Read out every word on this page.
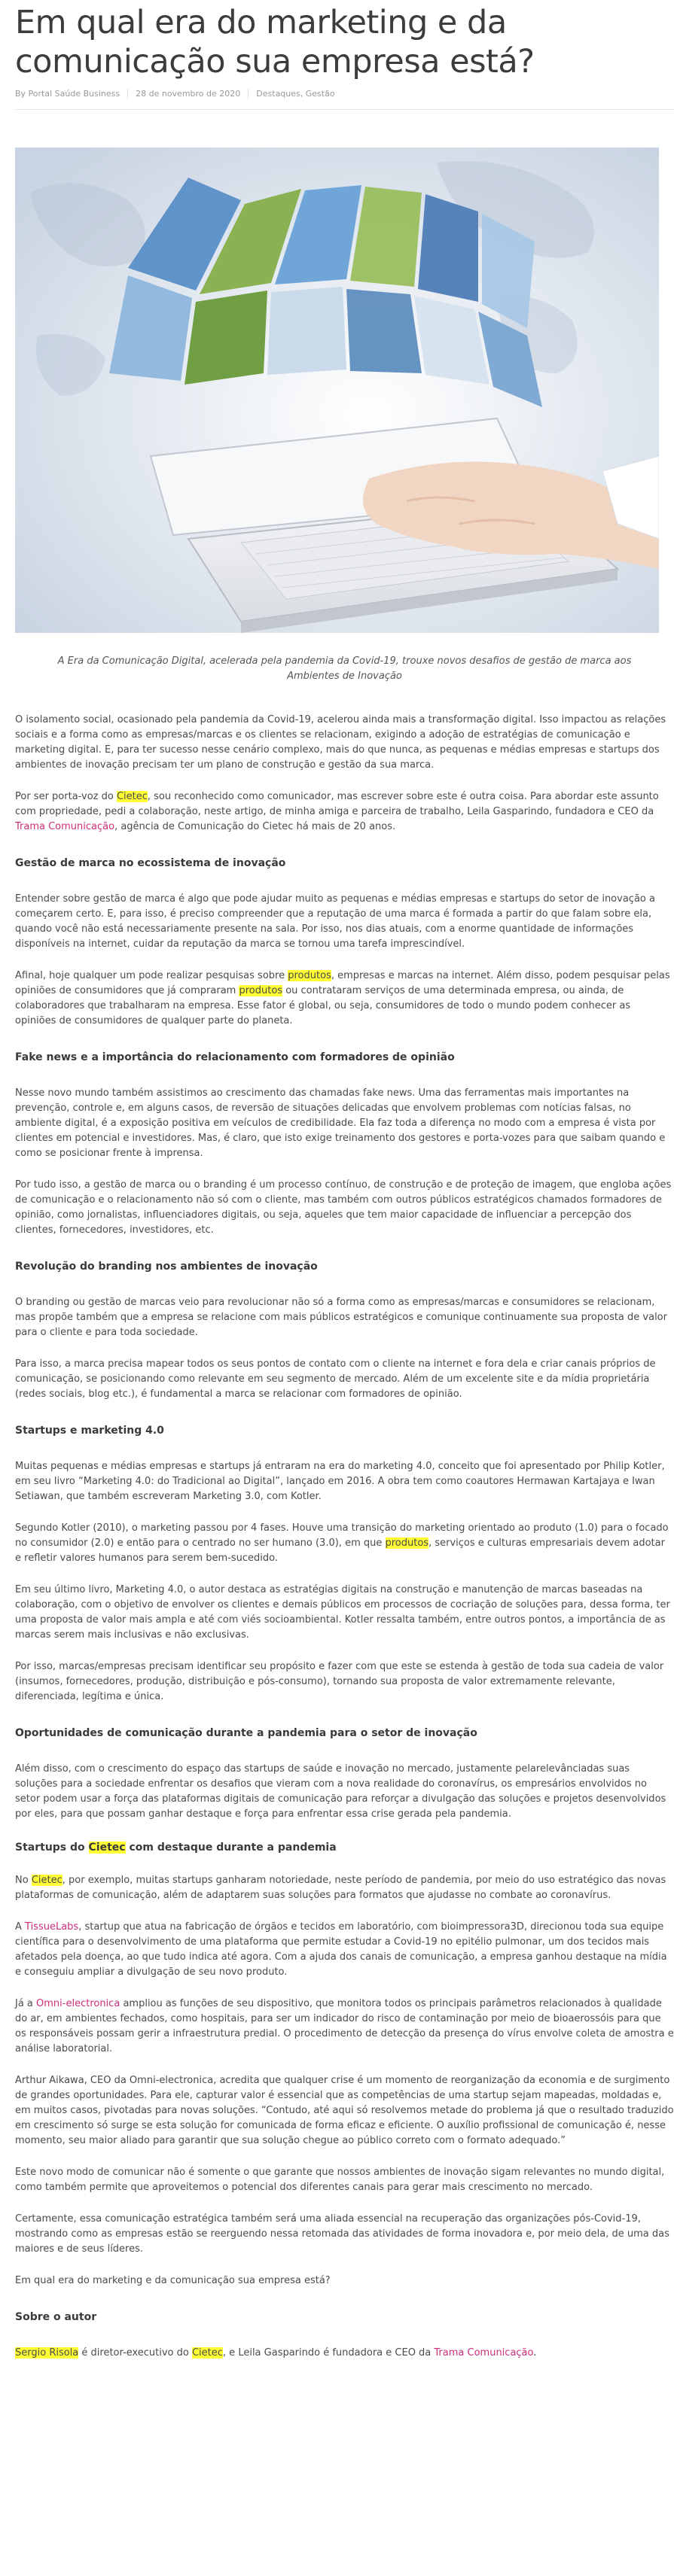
Em qual era do marketing e da comunicação sua empresa está?
By Portal Saúde Business	28 de novembro de 2020	Destaques, Gestão

A Era da Comunicação Digital, acelerada pela pandemia da Covid-19, trouxe novos desafios de gestão de marca aos Ambientes de Inovação

O isolamento social, ocasionado pela pandemia da Covid-19, acelerou ainda mais a transformação digital. Isso impactou as relações sociais e a forma como as empresas/marcas e os clientes se relacionam, exigindo a adoção de estratégias de comunicação e marketing digital. E, para ter sucesso nesse cenário complexo, mais do que nunca, as pequenas e médias empresas e startups dos ambientes de inovação precisam ter um plano de construção e gestão da sua marca.

Por ser porta-voz do Cietec, sou reconhecido como comunicador, mas escrever sobre este é outra coisa. Para abordar este assunto com propriedade, pedi a colaboração, neste artigo, de minha amiga e parceira de trabalho, Leila Gasparindo, fundadora e CEO da Trama Comunicação, agência de Comunicação do Cietec há mais de 20 anos.

Gestão de marca no ecossistema de inovação

Entender sobre gestão de marca é algo que pode ajudar muito as pequenas e médias empresas e startups do setor de inovação a começarem certo. E, para isso, é preciso compreender que a reputação de uma marca é formada a partir do que falam sobre ela, quando você não está necessariamente presente na sala. Por isso, nos dias atuais, com a enorme quantidade de informações disponíveis na internet, cuidar da reputação da marca se tornou uma tarefa imprescindível.

Afinal, hoje qualquer um pode realizar pesquisas sobre produtos, empresas e marcas na internet. Além disso, podem pesquisar pelas opiniões de consumidores que já compraram produtos ou contrataram serviços de uma determinada empresa, ou ainda, de colaboradores que trabalharam na empresa. Esse fator é global, ou seja, consumidores de todo o mundo podem conhecer as opiniões de consumidores de qualquer parte do planeta.

Fake news e a importância do relacionamento com formadores de opinião

Nesse novo mundo também assistimos ao crescimento das chamadas fake news. Uma das ferramentas mais importantes na prevenção, controle e, em alguns casos, de reversão de situações delicadas que envolvem problemas com notícias falsas, no ambiente digital, é a exposição positiva em veículos de credibilidade. Ela faz toda a diferença no modo com a empresa é vista por clientes em potencial e investidores. Mas, é claro, que isto exige treinamento dos gestores e porta-vozes para que saibam quando e como se posicionar frente à imprensa.

Por tudo isso, a gestão de marca ou o branding é um processo contínuo, de construção e de proteção de imagem, que engloba ações de comunicação e o relacionamento não só com o cliente, mas também com outros públicos estratégicos chamados formadores de opinião, como jornalistas, influenciadores digitais, ou seja, aqueles que tem maior capacidade de influenciar a percepção dos clientes, fornecedores, investidores, etc.

Revolução do branding nos ambientes de inovação

O branding ou gestão de marcas veio para revolucionar não só a forma como as empresas/marcas e consumidores se relacionam, mas propõe também que a empresa se relacione com mais públicos estratégicos e comunique continuamente sua proposta de valor para o cliente e para toda sociedade.

Para isso, a marca precisa mapear todos os seus pontos de contato com o cliente na internet e fora dela e criar canais próprios de comunicação, se posicionando como relevante em seu segmento de mercado. Além de um excelente site e da mídia proprietária (redes sociais, blog etc.), é fundamental a marca se relacionar com formadores de opinião.

Startups e marketing 4.0

Muitas pequenas e médias empresas e startups já entraram na era do marketing 4.0, conceito que foi apresentado por Philip Kotler, em seu livro “Marketing 4.0: do Tradicional ao Digital”, lançado em 2016. A obra tem como coautores Hermawan Kartajaya e Iwan Setiawan, que também escreveram Marketing 3.0, com Kotler.

Segundo Kotler (2010), o marketing passou por 4 fases. Houve uma transição do marketing orientado ao produto (1.0) para o focado no consumidor (2.0) e então para o centrado no ser humano (3.0), em que produtos, serviços e culturas empresariais devem adotar e refletir valores humanos para serem bem-sucedido.

Em seu último livro, Marketing 4.0, o autor destaca as estratégias digitais na construção e manutenção de marcas baseadas na colaboração, com o objetivo de envolver os clientes e demais públicos em processos de cocriação de soluções para, dessa forma, ter uma proposta de valor mais ampla e até com viés socioambiental. Kotler ressalta também, entre outros pontos, a importância de as marcas serem mais inclusivas e não exclusivas.

Por isso, marcas/empresas precisam identificar seu propósito e fazer com que este se estenda à gestão de toda sua cadeia de valor (insumos, fornecedores, produção, distribuição e pós-consumo), tornando sua proposta de valor extremamente relevante, diferenciada, legítima e única.

Oportunidades de comunicação durante a pandemia para o setor de inovação

Além disso, com o crescimento do espaço das startups de saúde e inovação no mercado, justamente pelarelevânciadas suas soluções para a sociedade enfrentar os desafios que vieram com a nova realidade do coronavírus, os empresários envolvidos no setor podem usar a força das plataformas digitais de comunicação para reforçar a divulgação das soluções e projetos desenvolvidos por eles, para que possam ganhar destaque e força para enfrentar essa crise gerada pela pandemia.

Startups do Cietec com destaque durante a pandemia

No Cietec, por exemplo, muitas startups ganharam notoriedade, neste período de pandemia, por meio do uso estratégico das novas plataformas de comunicação, além de adaptarem suas soluções para formatos que ajudasse no combate ao coronavírus.

A TissueLabs, startup que atua na fabricação de órgãos e tecidos em laboratório, com bioimpressora3D, direcionou toda sua equipe científica para o desenvolvimento de uma plataforma que permite estudar a Covid-19 no epitélio pulmonar, um dos tecidos mais afetados pela doença, ao que tudo indica até agora. Com a ajuda dos canais de comunicação, a empresa ganhou destaque na mídia e conseguiu ampliar a divulgação de seu novo produto.

Já a Omni-electronica ampliou as funções de seu dispositivo, que monitora todos os principais parâmetros relacionados à qualidade do ar, em ambientes fechados, como hospitais, para ser um indicador do risco de contaminação por meio de bioaerossóis para que os responsáveis possam gerir a infraestrutura predial. O procedimento de detecção da presença do vírus envolve coleta de amostra e análise laboratorial.

Arthur Aikawa, CEO da Omni-electronica, acredita que qualquer crise é um momento de reorganização da economia e de surgimento de grandes oportunidades. Para ele, capturar valor é essencial que as competências de uma startup sejam mapeadas, moldadas e, em muitos casos, pivotadas para novas soluções. “Contudo, até aqui só resolvemos metade do problema já que o resultado traduzido em crescimento só surge se esta solução for comunicada de forma eficaz e eficiente. O auxílio profissional de comunicação é, nesse momento, seu maior aliado para garantir que sua solução chegue ao público correto com o formato adequado.”

Este novo modo de comunicar não é somente o que garante que nossos ambientes de inovação sigam relevantes no mundo digital, como também permite que aproveitemos o potencial dos diferentes canais para gerar mais crescimento no mercado.

Certamente, essa comunicação estratégica também será uma aliada essencial na recuperação das organizações pós-Covid-19, mostrando como as empresas estão se reerguendo nessa retomada das atividades de forma inovadora e, por meio dela, de uma das maiores e de seus líderes.

Em qual era do marketing e da comunicação sua empresa está?

Sobre o autor

Sergio Risola é diretor-executivo do Cietec, e Leila Gasparindo é fundadora e CEO da Trama Comunicação.
